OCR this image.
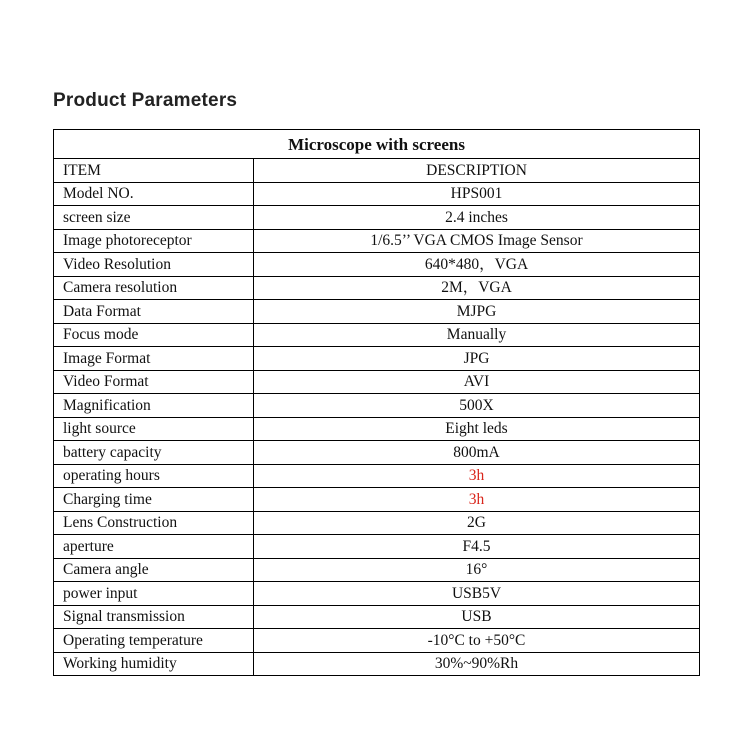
Product Parameters
Microscope with screens	
ITEM	DESCRIPTION
Model NO.	HPS001
screen size	2.4 inches
Image photoreceptor	1/6.5’’ VGA CMOS Image Sensor
Video Resolution	640*480，VGA
Camera resolution	2M，VGA
Data Format	MJPG
Focus mode	Manually
Image Format	JPG
Video Format	AVI
Magnification	500X
light source	Eight leds
battery capacity	800mA
operating hours	3h
Charging time	3h
Lens Construction	2G
aperture	F4.5
Camera angle	16°
power input	USB5V
Signal transmission	USB
Operating temperature	-10°C to +50°C
Working humidity	30%~90%Rh
